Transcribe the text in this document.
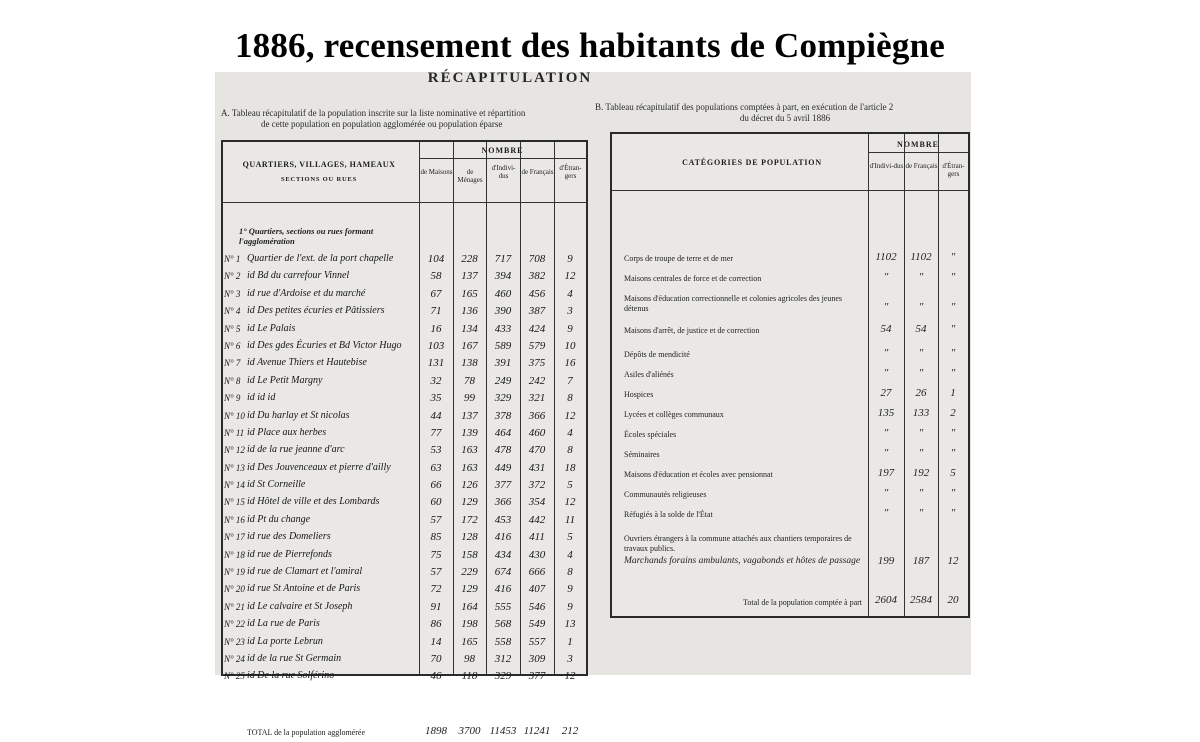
1886, recensement des habitants de Compiègne
RÉCAPITULATION
A. Tableau récapitulatif de la population inscrite sur la liste nominative et répartition
de cette population en population agglomérée ou population éparse
B. Tableau récapitulatif des populations comptées à part, en exécution de l'article 2
du décret du 5 avril 1886
QUARTIERS, VILLAGES, HAMEAUX
SECTIONS OU RUES
NOMBRE
de Maisons	de Ménages
d'Indivi-dus	de Français d'Étran-gers
1° Quartiers, sections ou rues formant l'agglomération
N° 1 Quartier de l'ext. de la port chapelle	104	228	717	708	9
N° 2 id Bd du carrefour Vinnel	58	137	394	382	12
N° 3 id rue d'Ardoise et du marché	67	165	460	456	4
N° 4 id Des petites écuries et Pâtissiers	71	136	390	387	3
N° 5 id Le Palais	16	134	433	424	9
N° 6 id Des gdes Écuries et Bd Victor Hugo	103	167	589	579	10
N° 7 id Avenue Thiers et Hautebise	131	138	391	375	16
N° 8 id Le Petit Margny	32	78	249	242	7
N° 9 id id id	35	99	329	321	8
N° 10 id Du harlay et St nicolas	44	137	378	366	12
N° 11 id Place aux herbes	77	139	464	460	4
N° 12 id de la rue jeanne d'arc	53	163	478	470	8
N° 13 id Des Jouvenceaux et pierre d'ailly	63	163	449	431	18
N° 14 id St Corneille	66	126	377	372	5
N° 15 id Hôtel de ville et des Lombards	60	129	366	354	12
N° 16 id Pt du change	57	172	453	442	11
N° 17 id rue des Domeliers	85	128	416	411	5
N° 18 id rue de Pierrefonds	75	158	434	430	4
N° 19 id rue de Clamart et l'amiral	57	229	674	666	8
N° 20 id rue St Antoine et de Paris	72	129	416	407	9
N° 21 id Le calvaire et St Joseph	91	164	555	546	9
N° 22 id La rue de Paris	86	198	568	549	13
N° 23 id La porte Lebrun	14	165	558	557	1
N° 24 id de la rue St Germain	70	98	312	309	3
N° 25 id De la rue Solférino	46	118	329	377	12
TOTAL de la population agglomérée	1898	3700 11453 11241	212
CATÉGORIES DE POPULATION
NOMBRE
d'Indivi-dus de Français d'Étran-gers
Corps de troupe de terre et de mer	1102	1102	"
Maisons centrales de force et de correction	"	"	"
Maisons d'éducation correctionnelle et colonies agricoles des jeunes détenus	"	"	"
Maisons d'arrêt, de justice et de correction	54	54	"
Dépôts de mendicité	"	"	"
Asiles d'aliénés	"	"	"
Hospices	27	26	1
Lycées et collèges communaux	135	133	2
Écoles spéciales	"	"	"
Séminaires	"	"	"
Maisons d'éducation et écoles avec pensionnat	197	192	5
Communautés religieuses	"	"	"
Réfugiés à la solde de l'État	"	"	"
Ouvriers étrangers à la commune attachés aux chantiers temporaires de travaux publics.
Marchands forains ambulants, vagabonds et hôtes de passage	199	187	12
Total de la population comptée à part	2604	2584	20
